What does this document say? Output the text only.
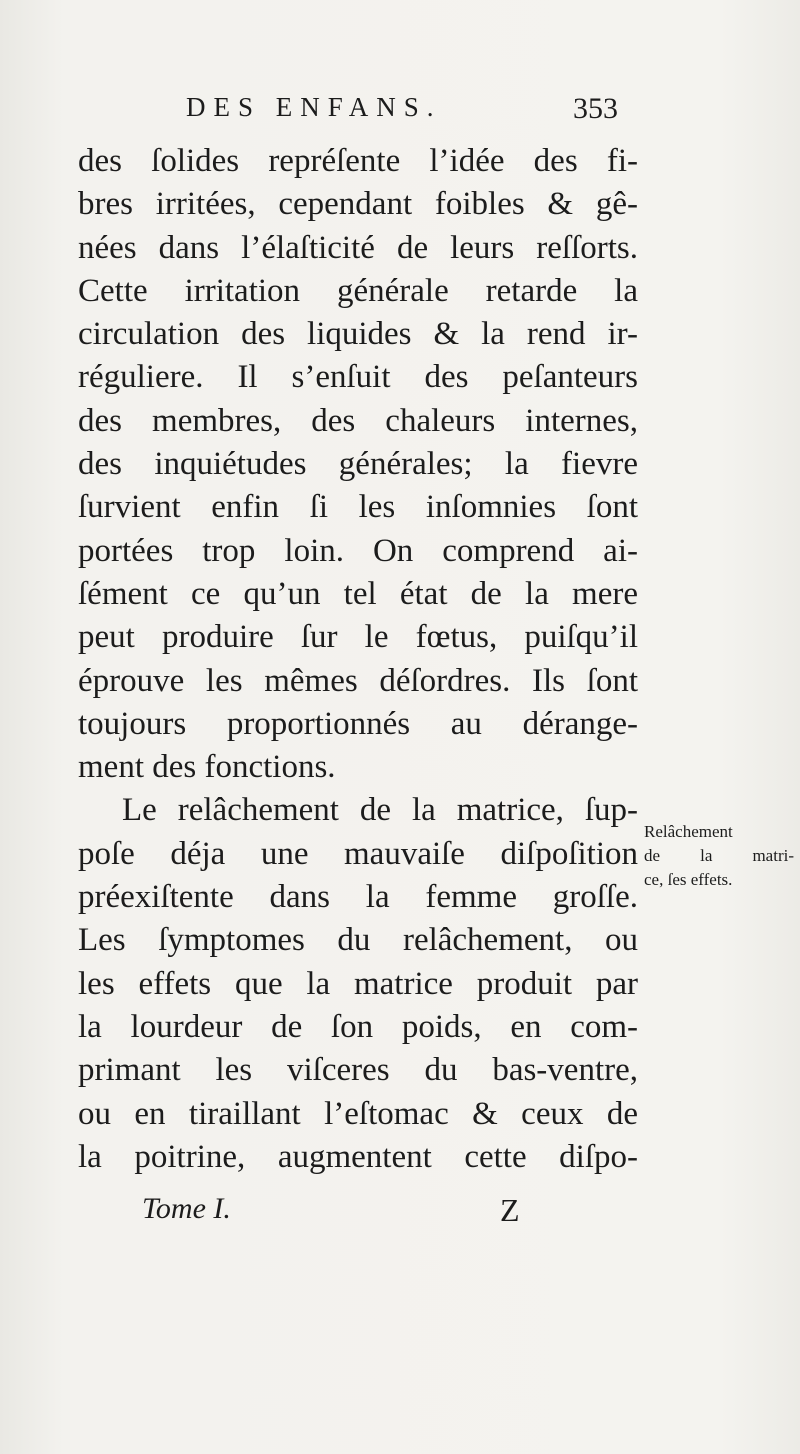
DES ENFANS.	353
des ſolides repréſente l’idée des fi-
bres irritées, cependant foibles & gê-
nées dans l’élaſticité de leurs reſſorts.
Cette irritation générale retarde la
circulation des liquides & la rend ir-
réguliere. Il s’enſuit des peſanteurs
des membres, des chaleurs internes,
des inquiétudes générales; la fievre
ſurvient enfin ſi les inſomnies ſont
portées trop loin. On comprend ai-
ſément ce qu’un tel état de la mere
peut produire ſur le fœtus, puiſqu’il
éprouve les mêmes déſordres. Ils ſont
toujours proportionnés au dérange-
ment des fonctions.
Le relâchement de la matrice, ſup-
poſe déja une mauvaiſe diſpoſition
préexiſtente dans la femme groſſe.
Les ſymptomes du relâchement, ou
les effets que la matrice produit par
la lourdeur de ſon poids, en com-
primant les viſceres du bas-ventre,
ou en tiraillant l’eſtomac & ceux de
la poitrine, augmentent cette diſpo-
Relâchement
de la matri-
ce, ſes effets.
Tome I.	Z
